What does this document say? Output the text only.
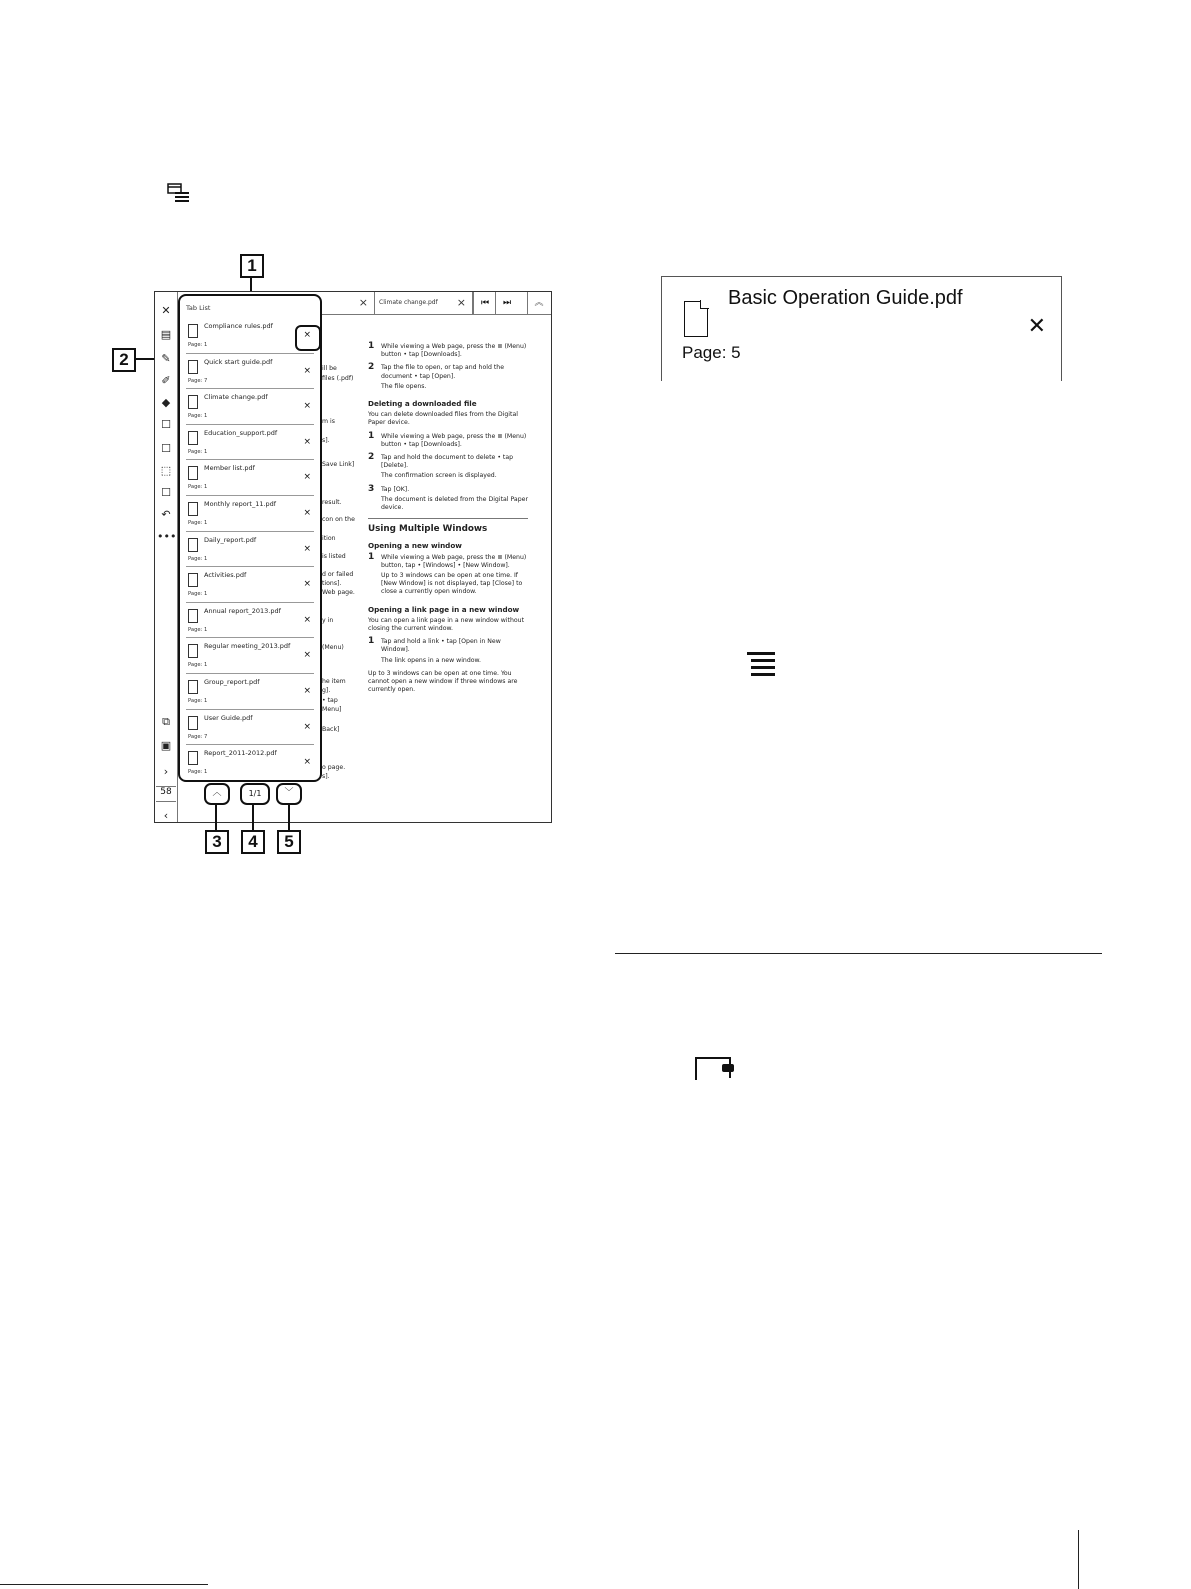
1
2
×	Climate change.pdf ×	⏮	⏭	︽
1 While viewing a Web page, press the ≣ (Menu) button • tap [Downloads].
2 Tap the file to open, or tap and hold the document • tap [Open].
The file opens.
Deleting a downloaded file

You can delete downloaded files from the Digital Paper device.

1 While viewing a Web page, press the ≣ (Menu) button • tap [Downloads].
2 Tap and hold the document to delete • tap [Delete].
The confirmation screen is displayed.
3 Tap [OK].
The document is deleted from the Digital Paper device.
Using Multiple Windows
Opening a new window
1 While viewing a Web page, press the ≣ (Menu) button, tap • [Windows] • [New Window].
Up to 3 windows can be open at one time. If [New Window] is not displayed, tap [Close] to close a currently open window.
Opening a link page in a new window

You can open a link page in a new window without closing the current window.

1 Tap and hold a link • tap [Open in New Window].
The link opens in a new window.

Up to 3 windows can be open at one time. You cannot open a new window if three windows are currently open.

✕
▤
✎
✐
◆
☐
☐
⬚
☐
↶
•••
⧉
▣
›
‹
58
ill be
files (.pdf)
m is
s].
Save Link]
result.
con on the
ition
is listed
d or failed
tions].
Web page.
y in
(Menu)
he item
g].
• tap
Menu]
Back]
o page.
s].
Tab List
Compliance rules.pdf
Page: 1
×
Quick start guide.pdf
Page: 7
×
Climate change.pdf
Page: 1
×
Education_support.pdf
Page: 1
×
Member list.pdf
Page: 1
×
Monthly report_11.pdf
Page: 1
×
Daily_report.pdf
Page: 1
×
Activities.pdf
Page: 1
×
Annual report_2013.pdf
Page: 1
×
Regular meeting_2013.pdf
Page: 1
×
Group_report.pdf
Page: 1
×
User Guide.pdf
Page: 7
×
Report_2011-2012.pdf
Page: 1
×
︿	1/1	﹀
3	4	5
Basic Operation Guide.pdf
Page: 5
✕
